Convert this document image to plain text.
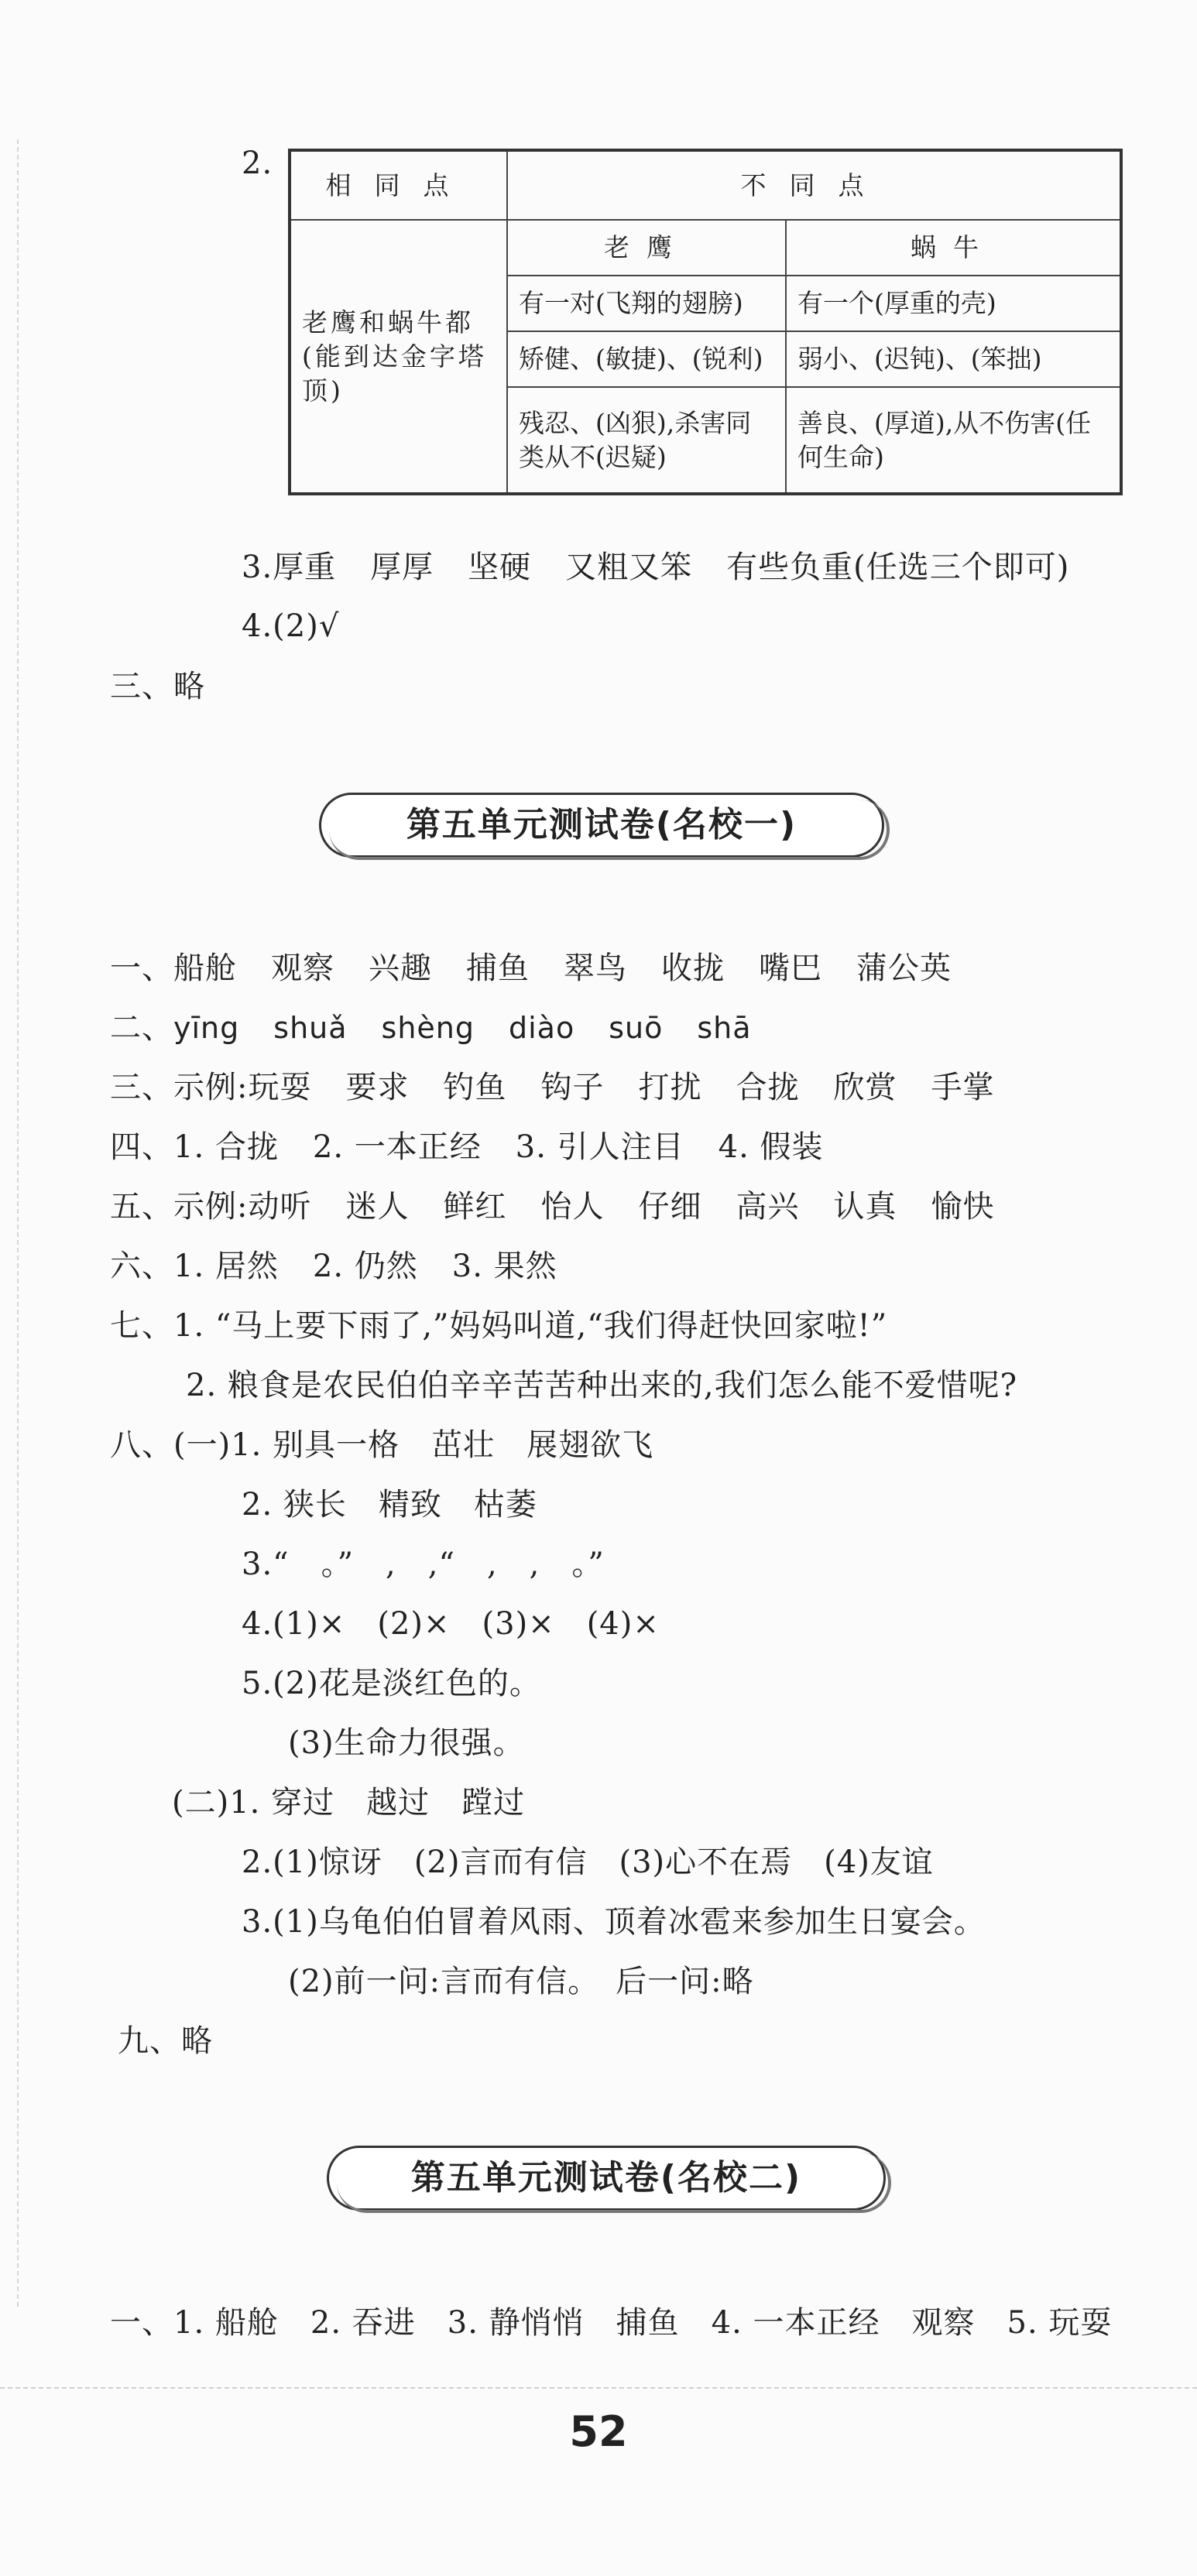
2.
相同点	不同点	
老鹰和蜗牛都(能到达金字塔顶)	老鹰	蜗牛
	有一对(飞翔的翅膀)	有一个(厚重的壳)
	矫健、(敏捷)、(锐利)	弱小、(迟钝)、(笨拙)
	残忍、(凶狠),杀害同类从不(迟疑)	善良、(厚道),从不伤害(任何生命)
3.厚重 厚厚 坚硬 又粗又笨 有些负重(任选三个即可)
4.(2)√
三、略
第五单元测试卷(名校一)
一、船舱 观察 兴趣 捕鱼 翠鸟 收拢 嘴巴 蒲公英
二、yīng shuǎ shèng diào suō shā
三、示例:玩耍 要求 钓鱼 钩子 打扰 合拢 欣赏 手掌
四、1. 合拢 2. 一本正经 3. 引人注目 4. 假装
五、示例:动听 迷人 鲜红 怡人 仔细 高兴 认真 愉快
六、1. 居然 2. 仍然 3. 果然
七、1. “马上要下雨了,”妈妈叫道,“我们得赶快回家啦!”
2. 粮食是农民伯伯辛辛苦苦种出来的,我们怎么能不爱惜呢?
八、(一)1. 别具一格　茁壮　展翅欲飞
2. 狭长　精致　枯萎
3.“　。”　,　,“　,　,　。”
4.(1)×　(2)×　(3)×　(4)×
5.(2)花是淡红色的。
(3)生命力很强。
(二)1. 穿过　越过　蹚过
2.(1)惊讶　(2)言而有信　(3)心不在焉　(4)友谊
3.(1)乌龟伯伯冒着风雨、顶着冰雹来参加生日宴会。
(2)前一问:言而有信。　后一问:略
九、略
第五单元测试卷(名校二)
一、1. 船舱　2. 吞进　3. 静悄悄　捕鱼　4. 一本正经　观察　5. 玩耍
52
